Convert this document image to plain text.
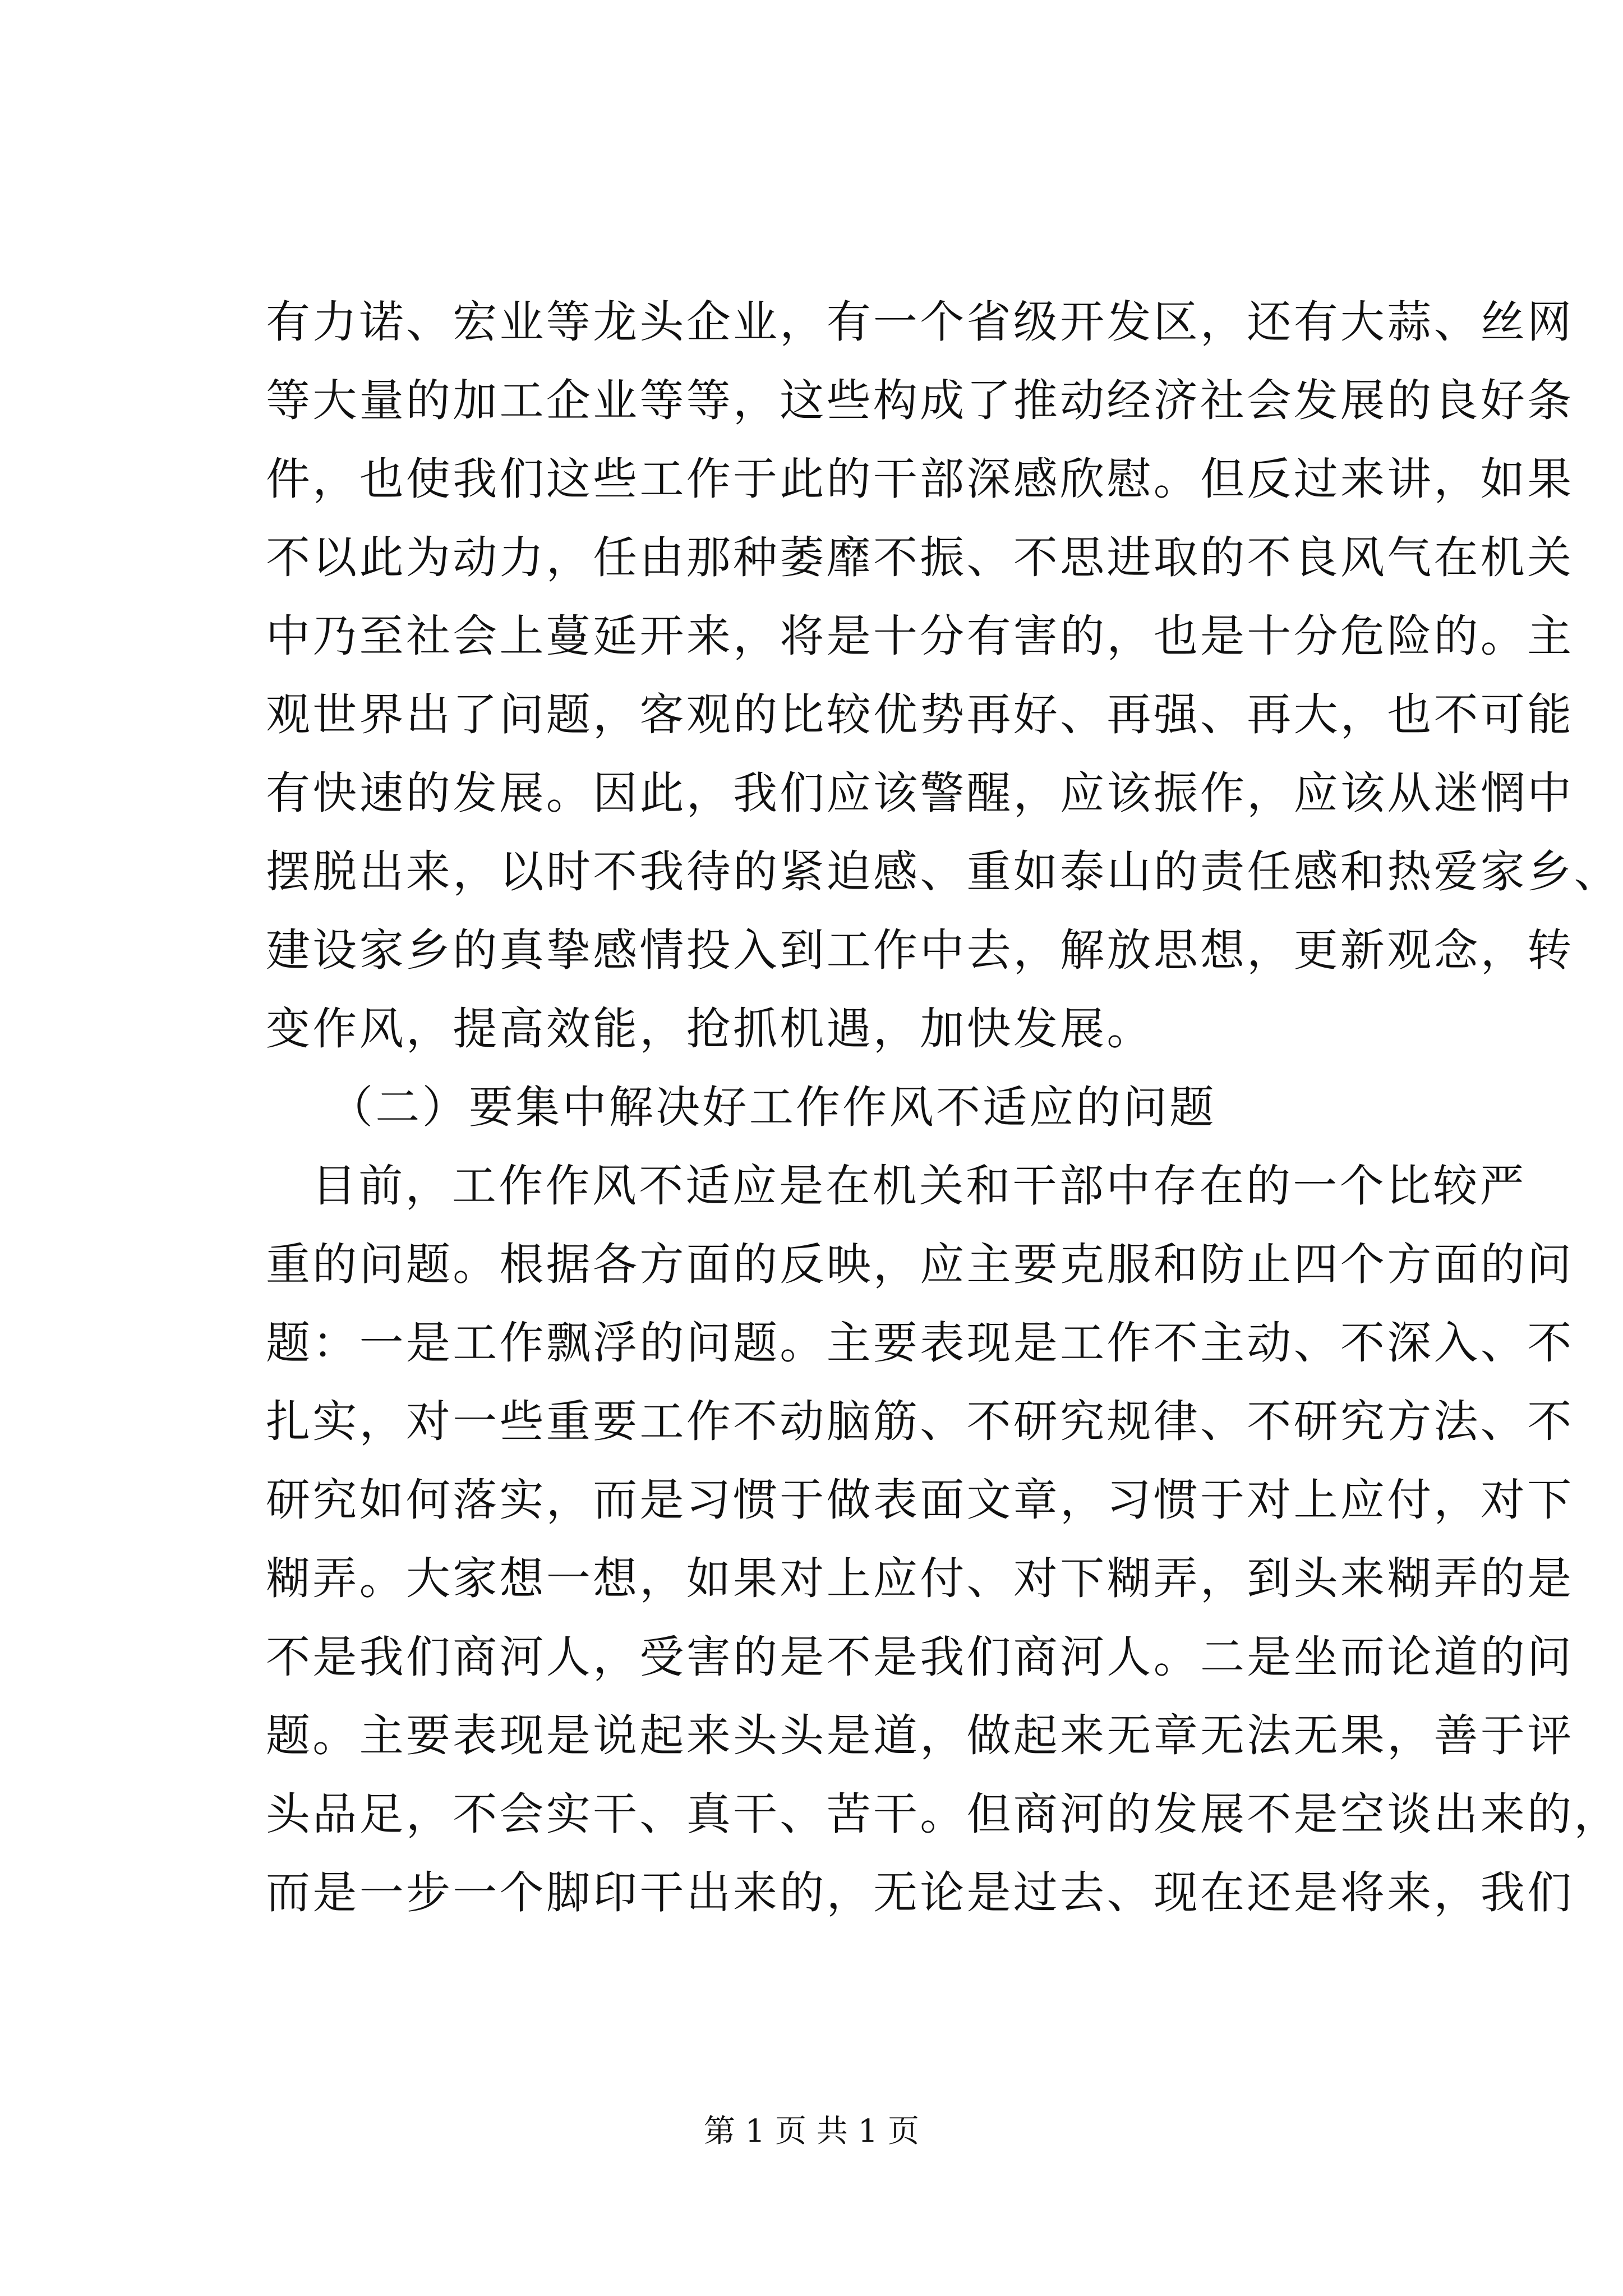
有力诺、宏业等龙头企业，有一个省级开发区，还有大蒜、丝网
等大量的加工企业等等，这些构成了推动经济社会发展的良好条
件，也使我们这些工作于此的干部深感欣慰。但反过来讲，如果
不以此为动力，任由那种萎靡不振、不思进取的不良风气在机关
中乃至社会上蔓延开来，将是十分有害的，也是十分危险的。主
观世界出了问题，客观的比较优势再好、再强、再大，也不可能
有快速的发展。因此，我们应该警醒，应该振作，应该从迷惘中
摆脱出来，以时不我待的紧迫感、重如泰山的责任感和热爱家乡、
建设家乡的真挚感情投入到工作中去，解放思想，更新观念，转
变作风，提高效能，抢抓机遇，加快发展。
（二）要集中解决好工作作风不适应的问题
目前，工作作风不适应是在机关和干部中存在的一个比较严
重的问题。根据各方面的反映，应主要克服和防止四个方面的问
题：一是工作飘浮的问题。主要表现是工作不主动、不深入、不
扎实，对一些重要工作不动脑筋、不研究规律、不研究方法、不
研究如何落实，而是习惯于做表面文章，习惯于对上应付，对下
糊弄。大家想一想，如果对上应付、对下糊弄，到头来糊弄的是
不是我们商河人，受害的是不是我们商河人。二是坐而论道的问
题。主要表现是说起来头头是道，做起来无章无法无果，善于评
头品足，不会实干、真干、苦干。但商河的发展不是空谈出来的，
而是一步一个脚印干出来的，无论是过去、现在还是将来，我们
第 1 页 共 1 页
